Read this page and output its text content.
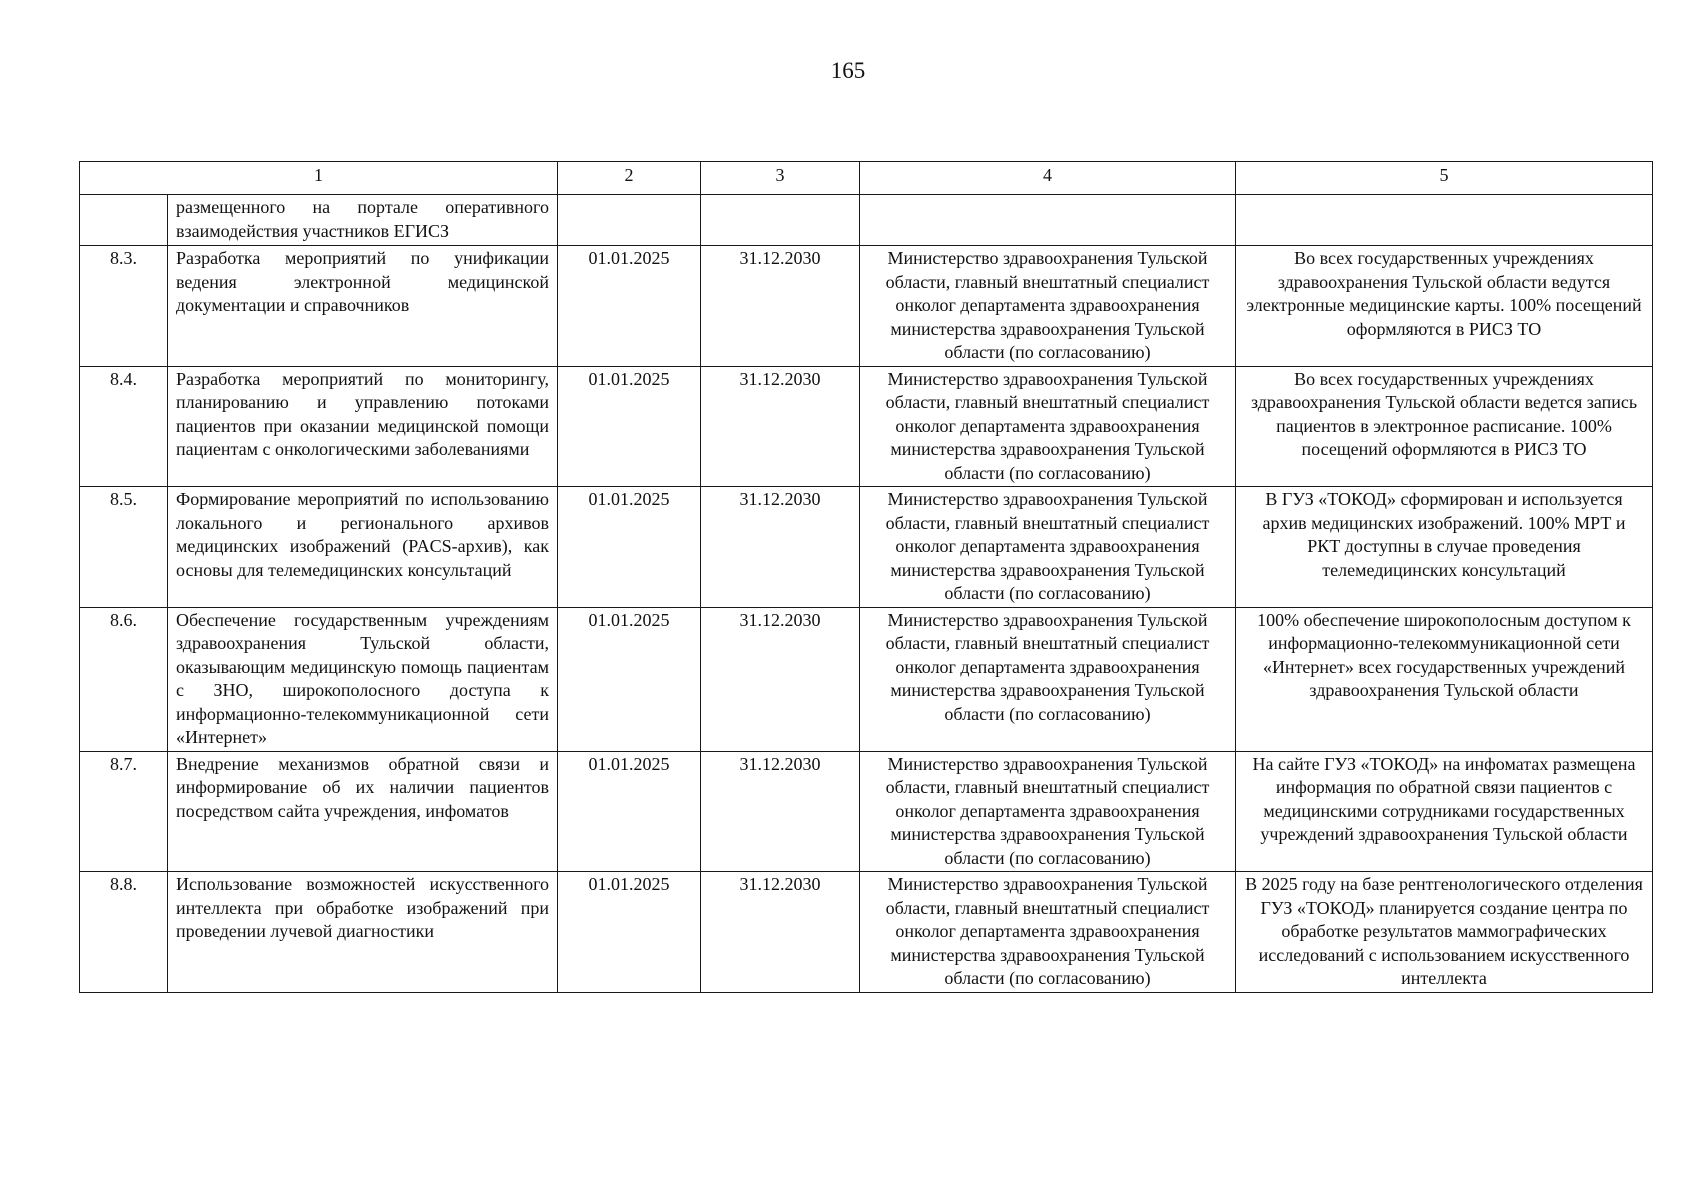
165
1		2	3	4	5
	размещенного на портале оперативного взаимодействия участников ЕГИСЗ				
8.3.	Разработка мероприятий по унификации ведения электронной медицинской документации и справочников	01.01.2025	31.12.2030	Министерство здравоохранения Тульской области, главный внештатный специалист онколог департамента здравоохранения министерства здравоохранения Тульской области (по согласованию)	Во всех государственных учреждениях здравоохранения Тульской области ведутся электронные медицинские карты. 100% посещений оформляются в РИСЗ ТО
8.4.	Разработка мероприятий по мониторингу, планированию и управлению потоками пациентов при оказании медицинской помощи пациентам с онкологическими заболеваниями	01.01.2025	31.12.2030	Министерство здравоохранения Тульской области, главный внештатный специалист онколог департамента здравоохранения министерства здравоохранения Тульской области (по согласованию)	Во всех государственных учреждениях здравоохранения Тульской области ведется запись пациентов в электронное расписание. 100% посещений оформляются в РИСЗ ТО
8.5.	Формирование мероприятий по использованию локального и регионального архивов медицинских изображений (PACS-архив), как основы для телемедицинских консультаций	01.01.2025	31.12.2030	Министерство здравоохранения Тульской области, главный внештатный специалист онколог департамента здравоохранения министерства здравоохранения Тульской области (по согласованию)	В ГУЗ «ТОКОД» сформирован и используется архив медицинских изображений. 100% МРТ и РКТ доступны в случае проведения телемедицинских консультаций
8.6.	Обеспечение государственным учреждениям здравоохранения Тульской области, оказывающим медицинскую помощь пациентам с ЗНО, широкополосного доступа к информационно-телекоммуникационной сети «Интернет»	01.01.2025	31.12.2030	Министерство здравоохранения Тульской области, главный внештатный специалист онколог департамента здравоохранения министерства здравоохранения Тульской области (по согласованию)	100% обеспечение широкополосным доступом к информационно-телекоммуникационной сети «Интернет» всех государственных учреждений здравоохранения Тульской области
8.7.	Внедрение механизмов обратной связи и информирование об их наличии пациентов посредством сайта учреждения, инфоматов	01.01.2025	31.12.2030	Министерство здравоохранения Тульской области, главный внештатный специалист онколог департамента здравоохранения министерства здравоохранения Тульской области (по согласованию)	На сайте ГУЗ «ТОКОД» на инфоматах размещена информация по обратной связи пациентов с медицинскими сотрудниками государственных учреждений здравоохранения Тульской области
8.8.	Использование возможностей искусственного интеллекта при обработке изображений при проведении лучевой диагностики	01.01.2025	31.12.2030	Министерство здравоохранения Тульской области, главный внештатный специалист онколог департамента здравоохранения министерства здравоохранения Тульской области (по согласованию)	В 2025 году на базе рентгенологического отделения ГУЗ «ТОКОД» планируется создание центра по обработке результатов маммографических исследований с использованием искусственного интеллекта
